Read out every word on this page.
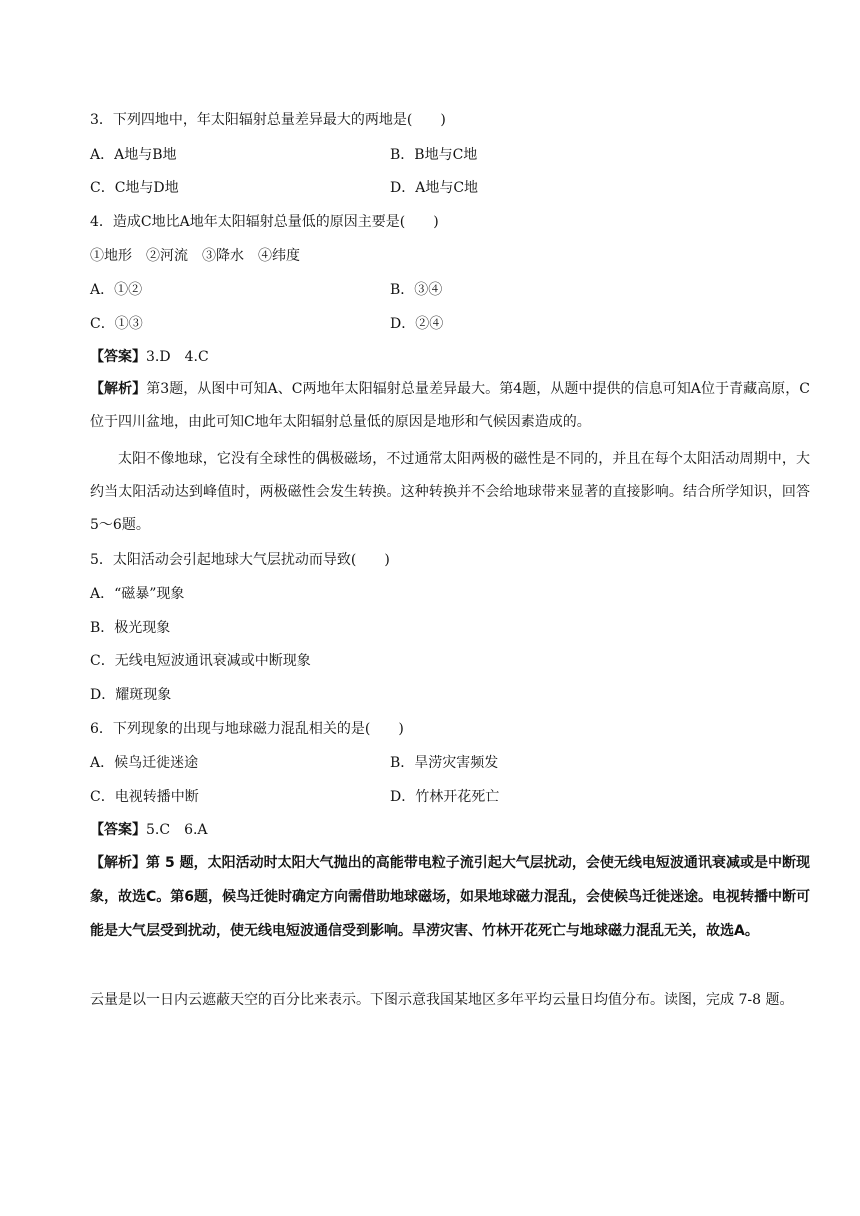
3．下列四地中，年太阳辐射总量差异最大的两地是(　　)
A．A地与B地	B．B地与C地
C．C地与D地	D．A地与C地
4．造成C地比A地年太阳辐射总量低的原因主要是(　　)
①地形　②河流　③降水　④纬度
A．①②	B．③④
C．①③	D．②④
【答案】3.D　4.C
【解析】第3题，从图中可知A、C两地年太阳辐射总量差异最大。第4题，从题中提供的信息可知A位于青藏高原，C位于四川盆地，由此可知C地年太阳辐射总量低的原因是地形和气候因素造成的。
太阳不像地球，它没有全球性的偶极磁场，不过通常太阳两极的磁性是不同的，并且在每个太阳活动周期中，大约当太阳活动达到峰值时，两极磁性会发生转换。这种转换并不会给地球带来显著的直接影响。结合所学知识，回答5～6题。
5．太阳活动会引起地球大气层扰动而导致(　　)
A．“磁暴”现象
B．极光现象
C．无线电短波通讯衰减或中断现象
D．耀斑现象
6．下列现象的出现与地球磁力混乱相关的是(　　)
A．候鸟迁徙迷途	B．旱涝灾害频发
C．电视转播中断	D．竹林开花死亡
【答案】5.C　6.A
【解析】第 5 题，太阳活动时太阳大气抛出的高能带电粒子流引起大气层扰动，会使无线电短波通讯衰减或是中断现象，故选C。第6题，候鸟迁徙时确定方向需借助地球磁场，如果地球磁力混乱，会使候鸟迁徙迷途。电视转播中断可能是大气层受到扰动，使无线电短波通信受到影响。旱涝灾害、竹林开花死亡与地球磁力混乱无关，故选A。
云量是以一日内云遮蔽天空的百分比来表示。下图示意我国某地区多年平均云量日均值分布。读图，完成 7-8 题。
